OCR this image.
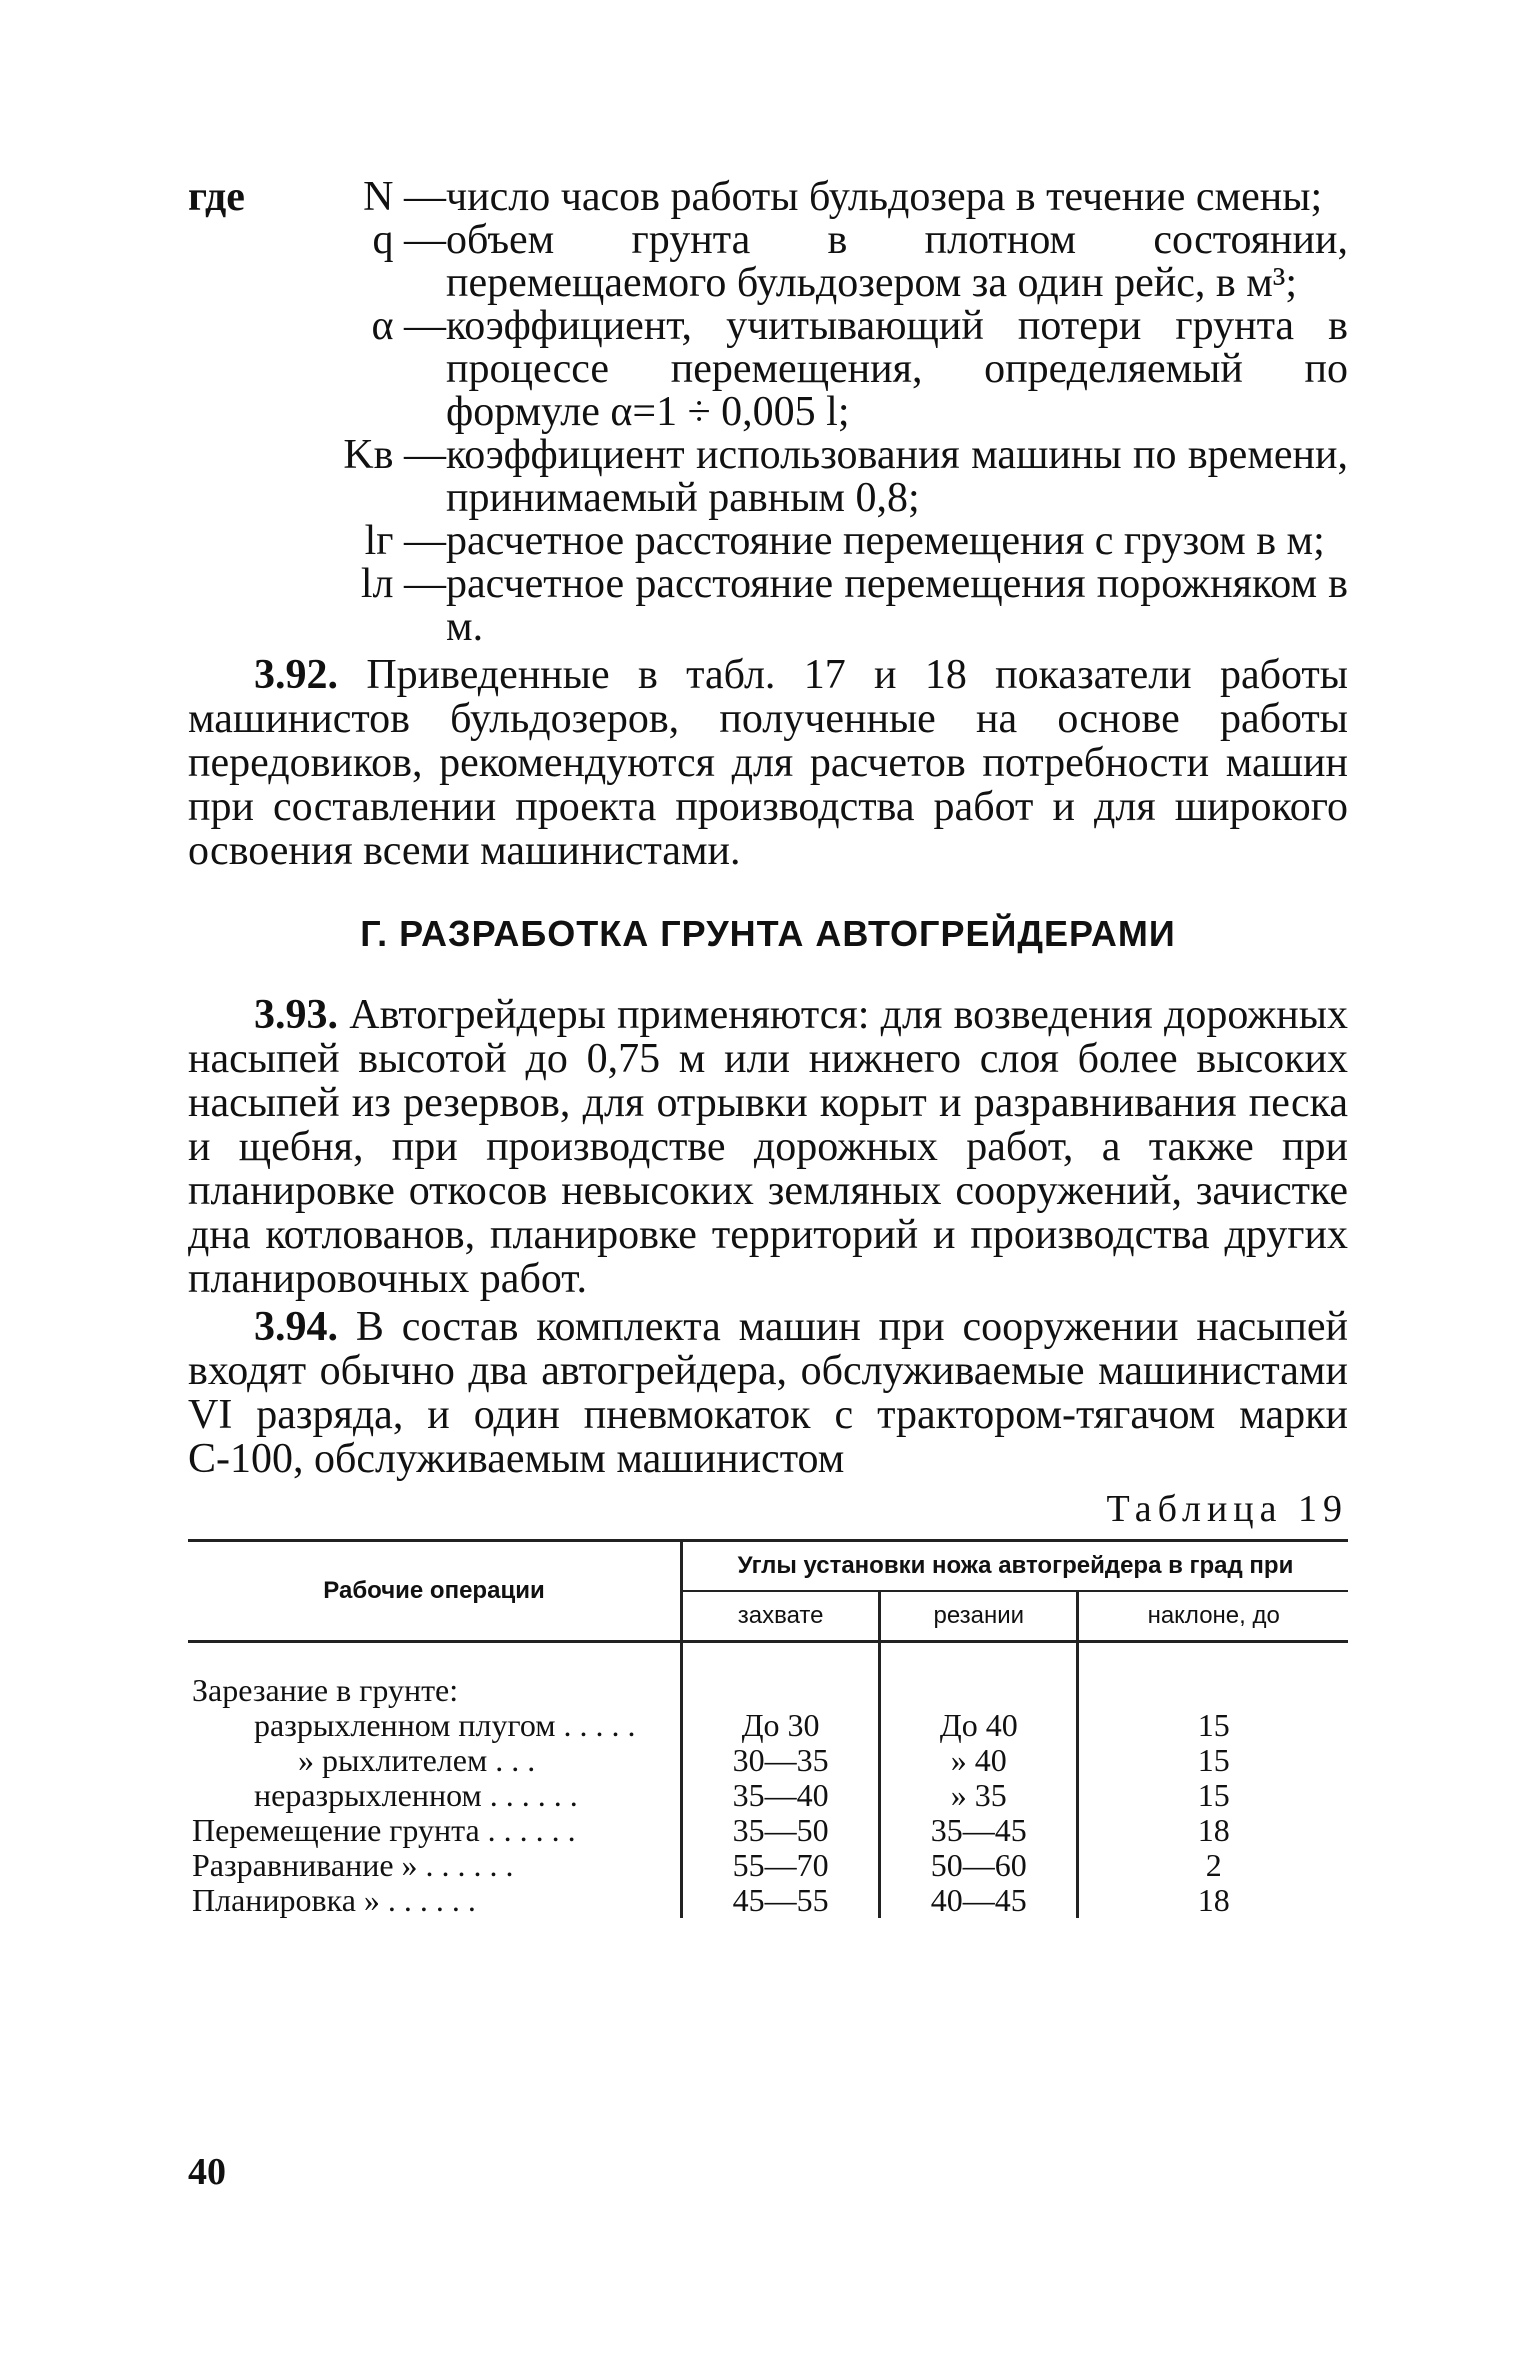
где	N — число часов работы бульдозера в течение смены;
q — объем грунта в плотном состоянии, перемещаемого бульдозером за один рейс, в м³;
α — коэффициент, учитывающий потери грунта в процессе перемещения, определяемый по формуле α=1 ÷ 0,005 l;
Kв — коэффициент использования машины по времени, принимаемый равным 0,8;
lг — расчетное расстояние перемещения с грузом в м;
lл — расчетное расстояние перемещения порожняком в м.

3.92. Приведенные в табл. 17 и 18 показатели работы машинистов бульдозеров, полученные на основе работы передовиков, рекомендуются для расчетов потребности машин при составлении проекта производства работ и для широкого освоения всеми машинистами.

Г. РАЗРАБОТКА ГРУНТА АВТОГРЕЙДЕРАМИ

3.93. Автогрейдеры применяются: для возведения дорожных насыпей высотой до 0,75 м или нижнего слоя более высоких насыпей из резервов, для отрывки корыт и разравнивания песка и щебня, при производстве дорожных работ, а также при планировке откосов невысоких земляных сооружений, зачистке дна котлованов, планировке территорий и производства других планировочных работ.

3.94. В состав комплекта машин при сооружении насыпей входят обычно два автогрейдера, обслуживаемые машинистами VI разряда, и один пневмокаток с трактором-тягачом марки С-100, обслуживаемым машинистом

Таблица 19
Рабочие операции	Углы установки ножа автогрейдера в град при		
	захвате	резании	наклоне, до

Зарезание в грунте:			
разрыхленном плугом . . . . .	До 30	До 40	15
» рыхлителем . . .	30—35	» 40	15
неразрыхленном . . . . . .	35—40	» 35	15
Перемещение грунта . . . . . .	35—50	35—45	18
Разравнивание » . . . . . .	55—70	50—60	2
Планировка » . . . . . .	45—55	40—45	18
40
